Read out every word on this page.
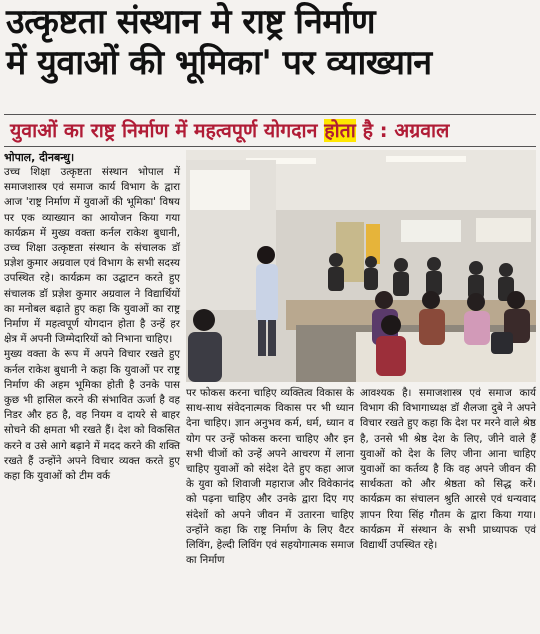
उत्कृष्टता संस्थान मे राष्ट्र निर्माण
में युवाओं की भूमिका' पर व्याख्यान
युवाओं का राष्ट्र निर्माण में महत्वपूर्ण योगदान होता है : अग्रवाल
भोपाल, दीनबन्धु।

उच्च शिक्षा उत्कृष्टता संस्थान भोपाल में समाजशास्त्र एवं समाज कार्य विभाग के द्वारा आज 'राष्ट्र निर्माण में युवाओं की भूमिका' विषय पर एक व्याख्यान का आयोजन किया गया कार्यक्रम में मुख्य वक्ता कर्नल राकेश बुधानी, उच्च शिक्षा उत्कृष्टता संस्थान के संचालक डॉ प्रज्ञेश कुमार अग्रवाल एवं विभाग के सभी सदस्य उपस्थित रहे। कार्यक्रम का उद्घाटन करते हुए संचालक डॉ प्रज्ञेश कुमार अग्रवाल ने विद्यार्थियों का मनोबल बढ़ाते हुए कहा कि युवाओं का राष्ट्र निर्माण में महत्वपूर्ण योगदान होता है उन्हें हर क्षेत्र में अपनी जिम्मेदारियों को निभाना चाहिए।

मुख्य वक्ता के रूप में अपने विचार रखते हुए कर्नल राकेश बुधानी ने कहा कि युवाओं पर राष्ट्र निर्माण की अहम भूमिका होती है उनके पास कुछ भी हासिल करने की संभावित ऊर्जा है वह निडर और हठ है, वह नियम व दायरे से बाहर सोचने की क्षमता भी रखते हैं। देश को विकसित करने व उसे आगे बढ़ाने में मदद करने की शक्ति रखते हैं उन्होंने अपने विचार व्यक्त करते हुए कहा कि युवाओं को टीम वर्क

पर फोकस करना चाहिए व्यक्तित्व विकास के साथ-साथ संवेदनात्मक विकास पर भी ध्यान देना चाहिए। ज्ञान अनुभव कर्म, धर्म, ध्यान व योग पर उन्हें फोकस करना चाहिए और इन सभी चीजों को उन्हें अपने आचरण में लाना चाहिए युवाओं को संदेश देते हुए कहा आज के युवा को शिवाजी महाराज और विवेकानंद को पढ़ना चाहिए और उनके द्वारा दिए गए संदेशों को अपने जीवन में उतारना चाहिए उन्होंने कहा कि राष्ट्र निर्माण के लिए वैटर लिविंग, हेल्दी लिविंग एवं सहयोगात्मक समाज का निर्माण

आवश्यक है। समाजशास्त्र एवं समाज कार्य विभाग की विभागाध्यक्ष डॉ शैलजा दुबे ने अपने विचार रखते हुए कहा कि देश पर मरने वाले श्रेष्ठ है, उनसे भी श्रेष्ठ देश के लिए, जीने वाले हैं युवाओं को देश के लिए जीना आना चाहिए युवाओं का कर्तव्य है कि वह अपने जीवन की सार्थकता को और श्रेष्ठता को सिद्ध करें। कार्यक्रम का संचालन श्रुति आरसे एवं धन्यवाद ज्ञापन रिया सिंह गौतम के द्वारा किया गया। कार्यक्रम में संस्थान के सभी प्राध्यापक एवं विद्यार्थी उपस्थित रहे।
